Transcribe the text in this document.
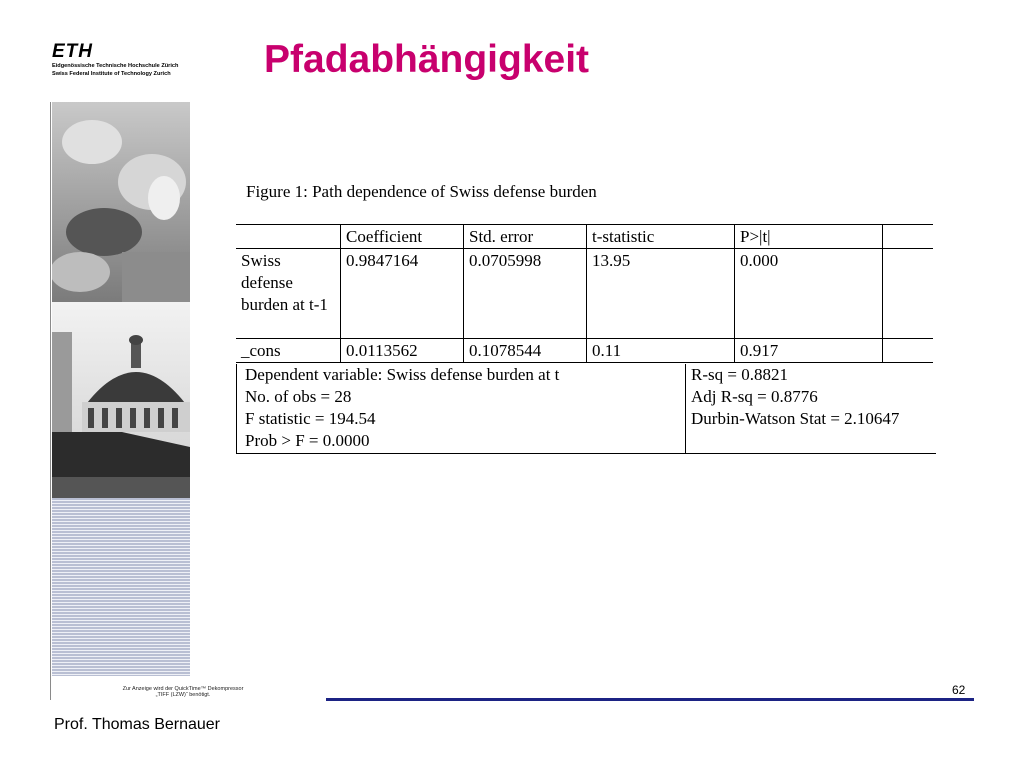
ETH
Eidgenössische Technische Hochschule Zürich
Swiss Federal Institute of Technology Zurich	Pfadabhängigkeit
Zur Anzeige wird der QuickTime™ Dekompressor „TIFF (LZW)“ benötigt.
Figure 1: Path dependence of Swiss defense burden
	Coefficient	Std. error	t-statistic	P>|t|	
Swiss defense burden at t-1	0.9847164	0.0705998	13.95	0.000	
_cons	0.0113562	0.1078544	0.11	0.917	
Dependent variable: Swiss defense burden at t
No. of obs = 28
F statistic = 194.54
Prob > F = 0.0000
R-sq = 0.8821
Adj R-sq = 0.8776
Durbin-Watson Stat = 2.10647
62
Prof. Thomas Bernauer
